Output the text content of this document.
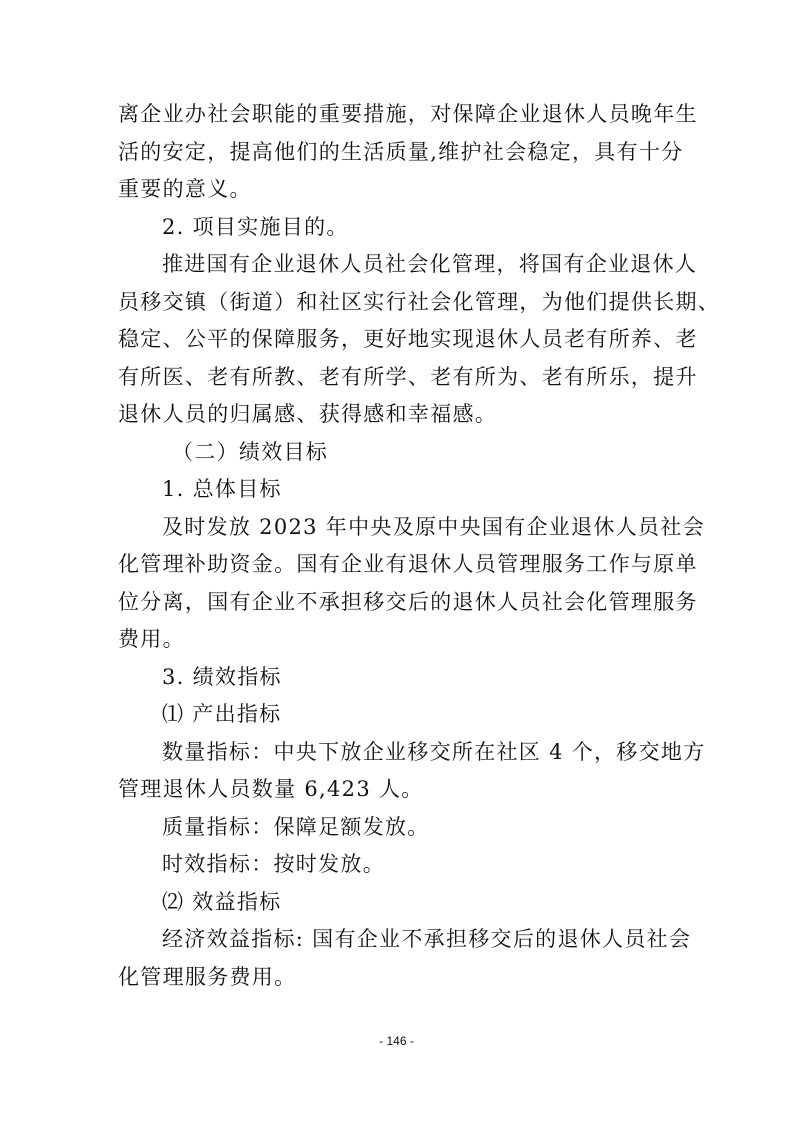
离企业办社会职能的重要措施，对保障企业退休人员晚年生
活的安定，提高他们的生活质量,维护社会稳定，具有十分
重要的意义。
2. 项目实施目的。
推进国有企业退休人员社会化管理，将国有企业退休人
员移交镇（街道）和社区实行社会化管理，为他们提供长期、
稳定、公平的保障服务，更好地实现退休人员老有所养、老
有所医、老有所教、老有所学、老有所为、老有所乐，提升
退休人员的归属感、获得感和幸福感。
（二）绩效目标
1. 总体目标
及时发放 2023 年中央及原中央国有企业退休人员社会
化管理补助资金。国有企业有退休人员管理服务工作与原单
位分离，国有企业不承担移交后的退休人员社会化管理服务
费用。
3. 绩效指标
⑴ 产出指标
数量指标：中央下放企业移交所在社区 4 个，移交地方
管理退休人员数量 6,423 人。
质量指标：保障足额发放。
时效指标：按时发放。
⑵ 效益指标
经济效益指标: 国有企业不承担移交后的退休人员社会
化管理服务费用。
- 146 -
